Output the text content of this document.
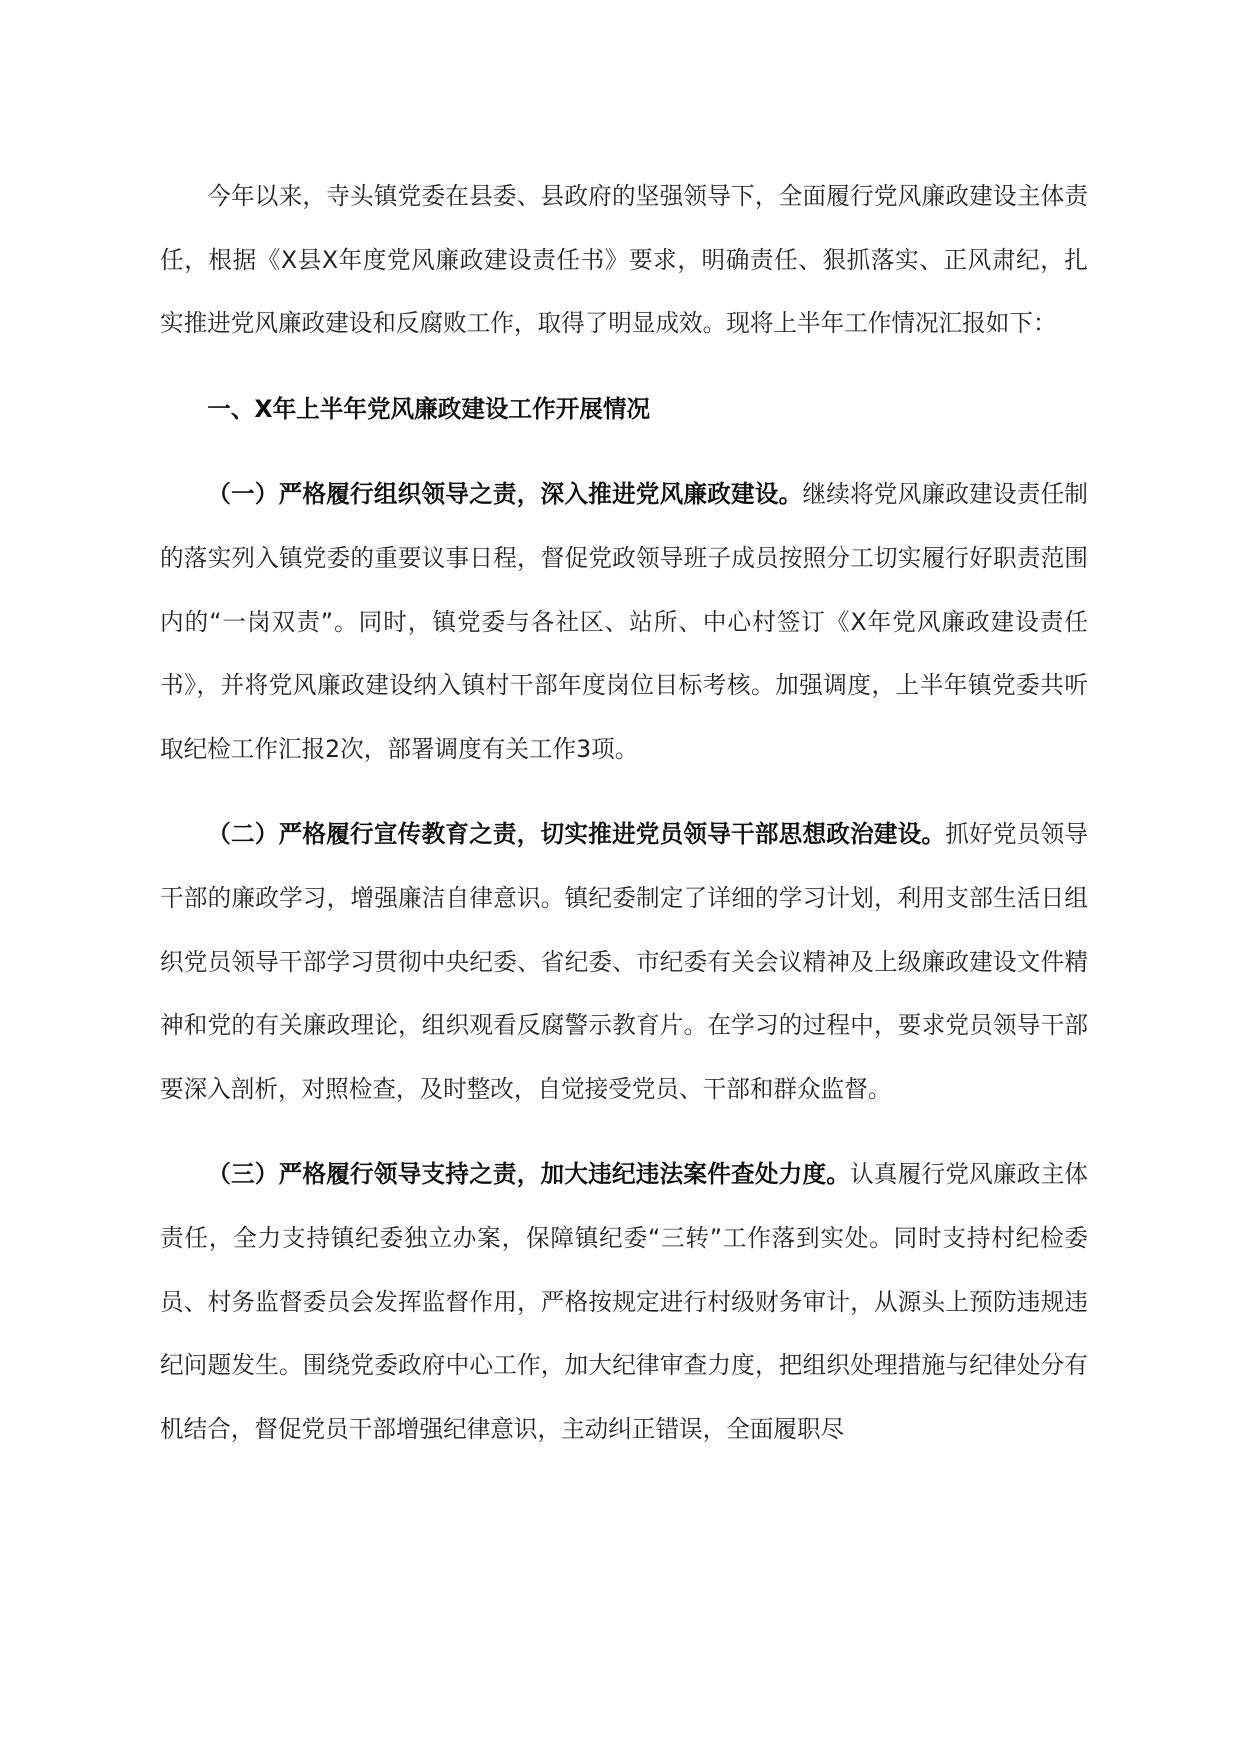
今年以来，寺头镇党委在县委、县政府的坚强领导下，全面履行党风廉政建设主体责任，根据《X县X年度党风廉政建设责任书》要求，明确责任、狠抓落实、正风肃纪，扎实推进党风廉政建设和反腐败工作，取得了明显成效。现将上半年工作情况汇报如下：

一、X年上半年党风廉政建设工作开展情况

（一）严格履行组织领导之责，深入推进党风廉政建设。继续将党风廉政建设责任制的落实列入镇党委的重要议事日程，督促党政领导班子成员按照分工切实履行好职责范围内的“一岗双责”。同时，镇党委与各社区、站所、中心村签订《X年党风廉政建设责任书》，并将党风廉政建设纳入镇村干部年度岗位目标考核。加强调度，上半年镇党委共听取纪检工作汇报2次，部署调度有关工作3项。

（二）严格履行宣传教育之责，切实推进党员领导干部思想政治建设。抓好党员领导干部的廉政学习，增强廉洁自律意识。镇纪委制定了详细的学习计划，利用支部生活日组织党员领导干部学习贯彻中央纪委、省纪委、市纪委有关会议精神及上级廉政建设文件精神和党的有关廉政理论，组织观看反腐警示教育片。在学习的过程中，要求党员领导干部要深入剖析，对照检查，及时整改，自觉接受党员、干部和群众监督。

（三）严格履行领导支持之责，加大违纪违法案件查处力度。认真履行党风廉政主体责任，全力支持镇纪委独立办案，保障镇纪委“三转”工作落到实处。同时支持村纪检委员、村务监督委员会发挥监督作用，严格按规定进行村级财务审计，从源头上预防违规违纪问题发生。围绕党委政府中心工作，加大纪律审查力度，把组织处理措施与纪律处分有机结合，督促党员干部增强纪律意识，主动纠正错误，全面履职尽
